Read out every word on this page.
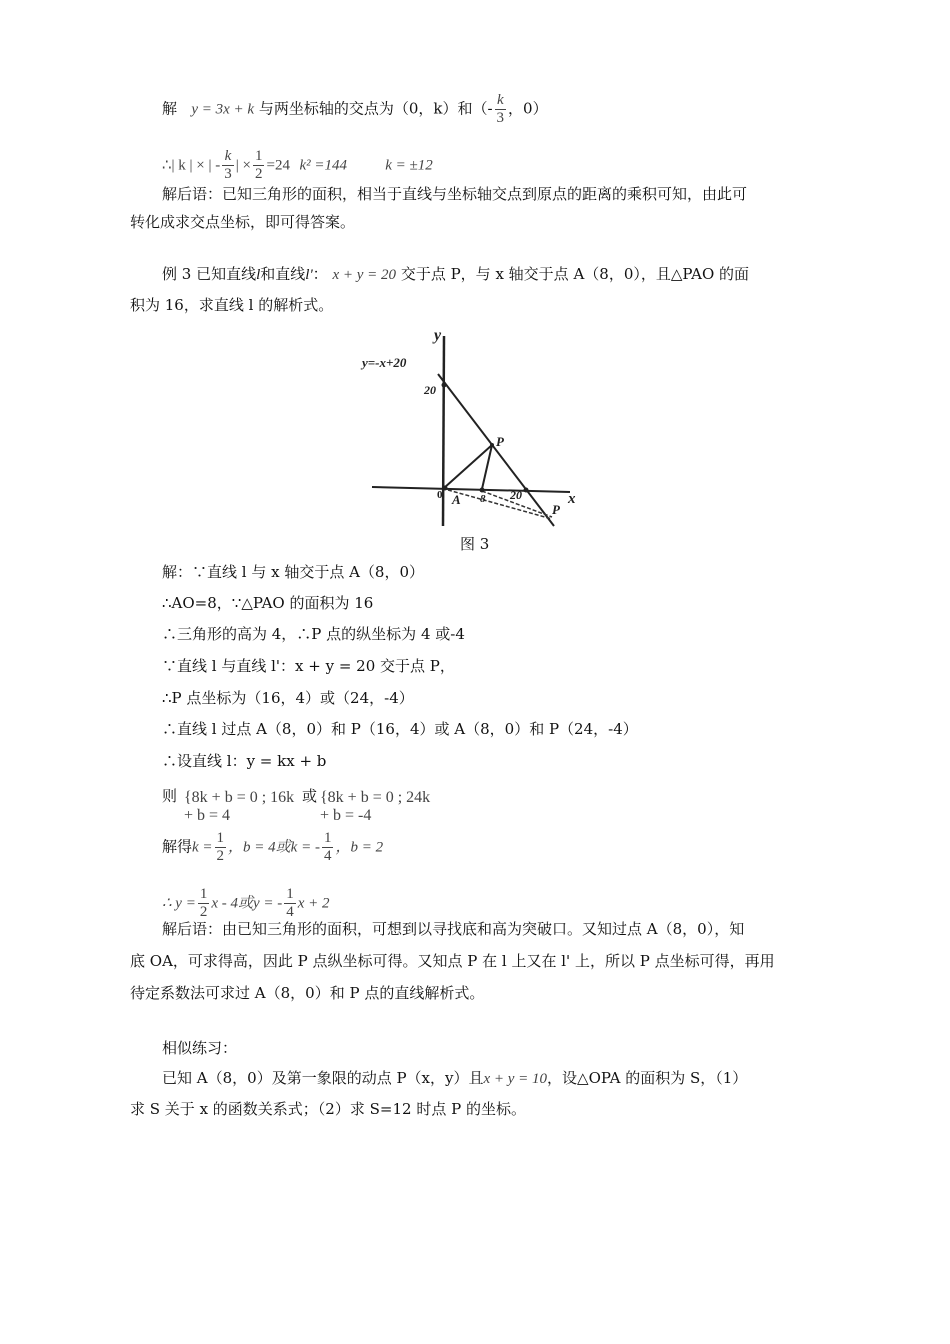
解 y = 3x + k 与两坐标轴的交点为（0，k）和（- $\frac{k}{3}$ ，0）
∴| k | × | - $\frac{k}{3}$ | × $\frac{1}{2} =24$ k² =144	k = ±12
解后语：已知三角形的面积，相当于直线与坐标轴交点到原点的距离的乘积可知，由此可
转化成求交点坐标，即可得答案。
例 3 已知直线l和直线l'： x + y = 20 交于点 P，与 x 轴交于点 A（8，0），且△PAO 的面
积为 16，求直线 l 的解析式。
y=-x+20
y
x
20
0	8 20
A
P
P
图 3
解：∵直线 l 与 x 轴交于点 A（8，0）
∴AO=8，∵△PAO 的面积为 16
∴三角形的高为 4，∴P 点的纵坐标为 4 或-4
∵直线 l 与直线 l'：x + y = 20 交于点 P，
∴P 点坐标为（16，4）或（24，-4）
∴直线 l 过点 A（8，0）和 P（16，4）或 A（8，0）和 P（24，-4）
∴设直线 l：y = kx + b
则 {8k + b = 0 ; 16k + b = 4
或 {8k + b = 0 ; 24k + b = -4
解得$k = \frac{1}{2}$ ，b = 4或k = - $\frac{1}{4}$ ，b = 2
∴ $y = \frac{1}{2}$ x - 4或y = - $\frac{1}{4}$ x + 2
解后语：由已知三角形的面积，可想到以寻找底和高为突破口。又知过点 A（8，0），知
底 OA，可求得高，因此 P 点纵坐标可得。又知点 P 在 l 上又在 l' 上，所以 P 点坐标可得，再用
待定系数法可求过 A（8，0）和 P 点的直线解析式。
相似练习：
已知 A（8，0）及第一象限的动点 P（x，y）且x + y = 10，设△OPA 的面积为 S，（1）
求 S 关于 x 的函数关系式；（2）求 S=12 时点 P 的坐标。
